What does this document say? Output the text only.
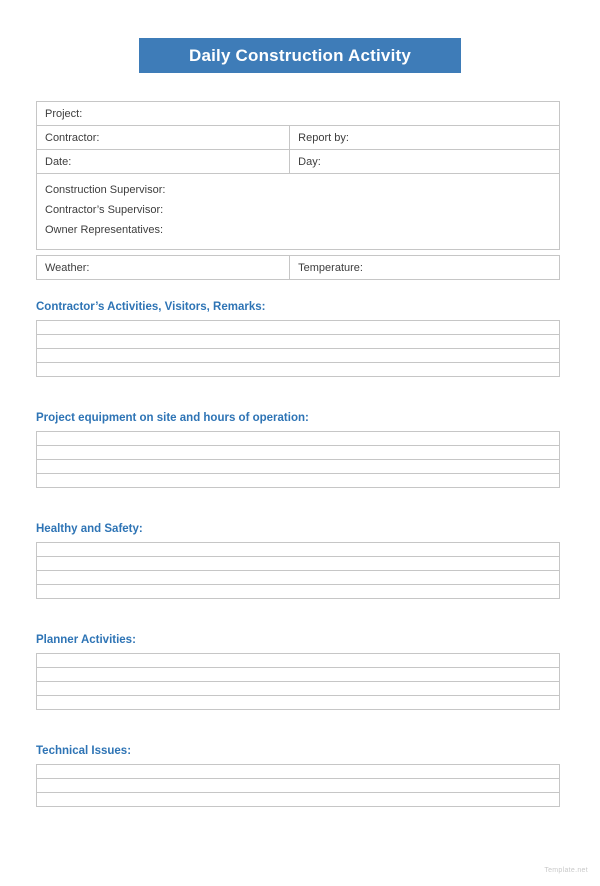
Daily Construction Activity
Project:
Contractor:	Report by:
Date:	Day:
Construction Supervisor:
Contractor’s Supervisor:
Owner Representatives:
Weather:	Temperature:
Contractor’s Activities, Visitors, Remarks:
Project equipment on site and hours of operation:
Healthy and Safety:
Planner Activities:
Technical Issues:
Template.net
